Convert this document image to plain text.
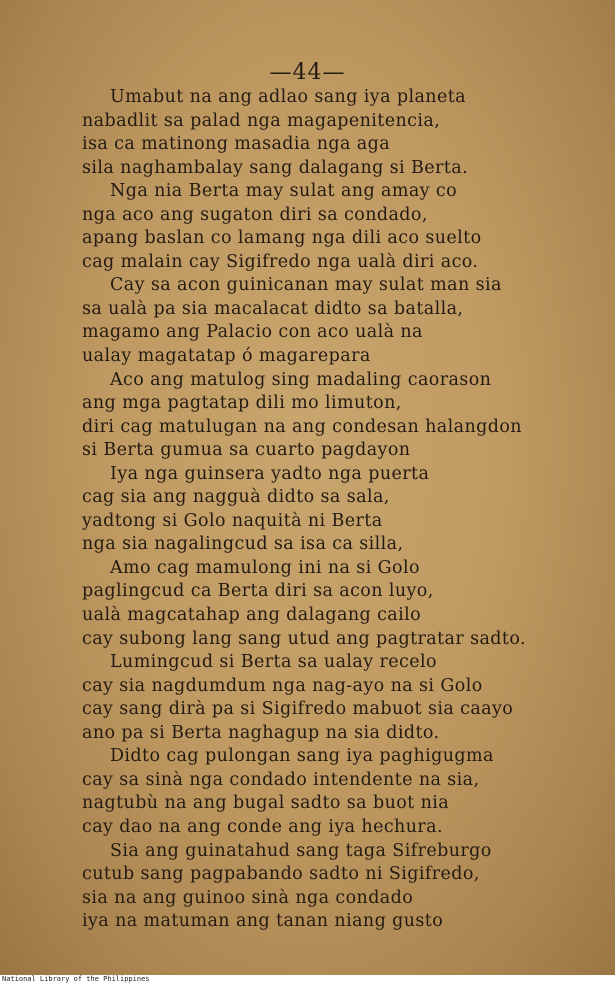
—44—
Umabut na ang adlao sang iya planeta
nabadlit sa palad nga magapenitencia,
isa ca matinong masadia nga aga
sila naghambalay sang dalagang si Berta.
Nga nia Berta may sulat ang amay co
nga aco ang sugaton diri sa condado,
apang baslan co lamang nga dili aco suelto
cag malain cay Sigifredo nga ualà diri aco.
Cay sa acon guinicanan may sulat man sia
sa ualà pa sia macalacat didto sa batalla,
magamo ang Palacio con aco ualà na
ualay magatatap ó magarepara
Aco ang matulog sing madaling caorason
ang mga pagtatap dili mo limuton,
diri cag matulugan na ang condesan halangdon
si Berta gumua sa cuarto pagdayon
Iya nga guinsera yadto nga puerta
cag sia ang nagguà didto sa sala,
yadtong si Golo naquità ni Berta
nga sia nagalingcud sa isa ca silla,
Amo cag mamulong ini na si Golo
paglingcud ca Berta diri sa acon luyo,
ualà magcatahap ang dalagang cailo
cay subong lang sang utud ang pagtratar sadto.
Lumingcud si Berta sa ualay recelo
cay sia nagdumdum nga nag-ayo na si Golo
cay sang dirà pa si Sigifredo mabuot sia caayo
ano pa si Berta naghagup na sia didto.
Didto cag pulongan sang iya paghigugma
cay sa sinà nga condado intendente na sia,
nagtubù na ang bugal sadto sa buot nia
cay dao na ang conde ang iya hechura.
Sia ang guinatahud sang taga Sifreburgo
cutub sang pagpabando sadto ni Sigifredo,
sia na ang guinoo sinà nga condado
iya na matuman ang tanan niang gusto
National Library of the Philippines
